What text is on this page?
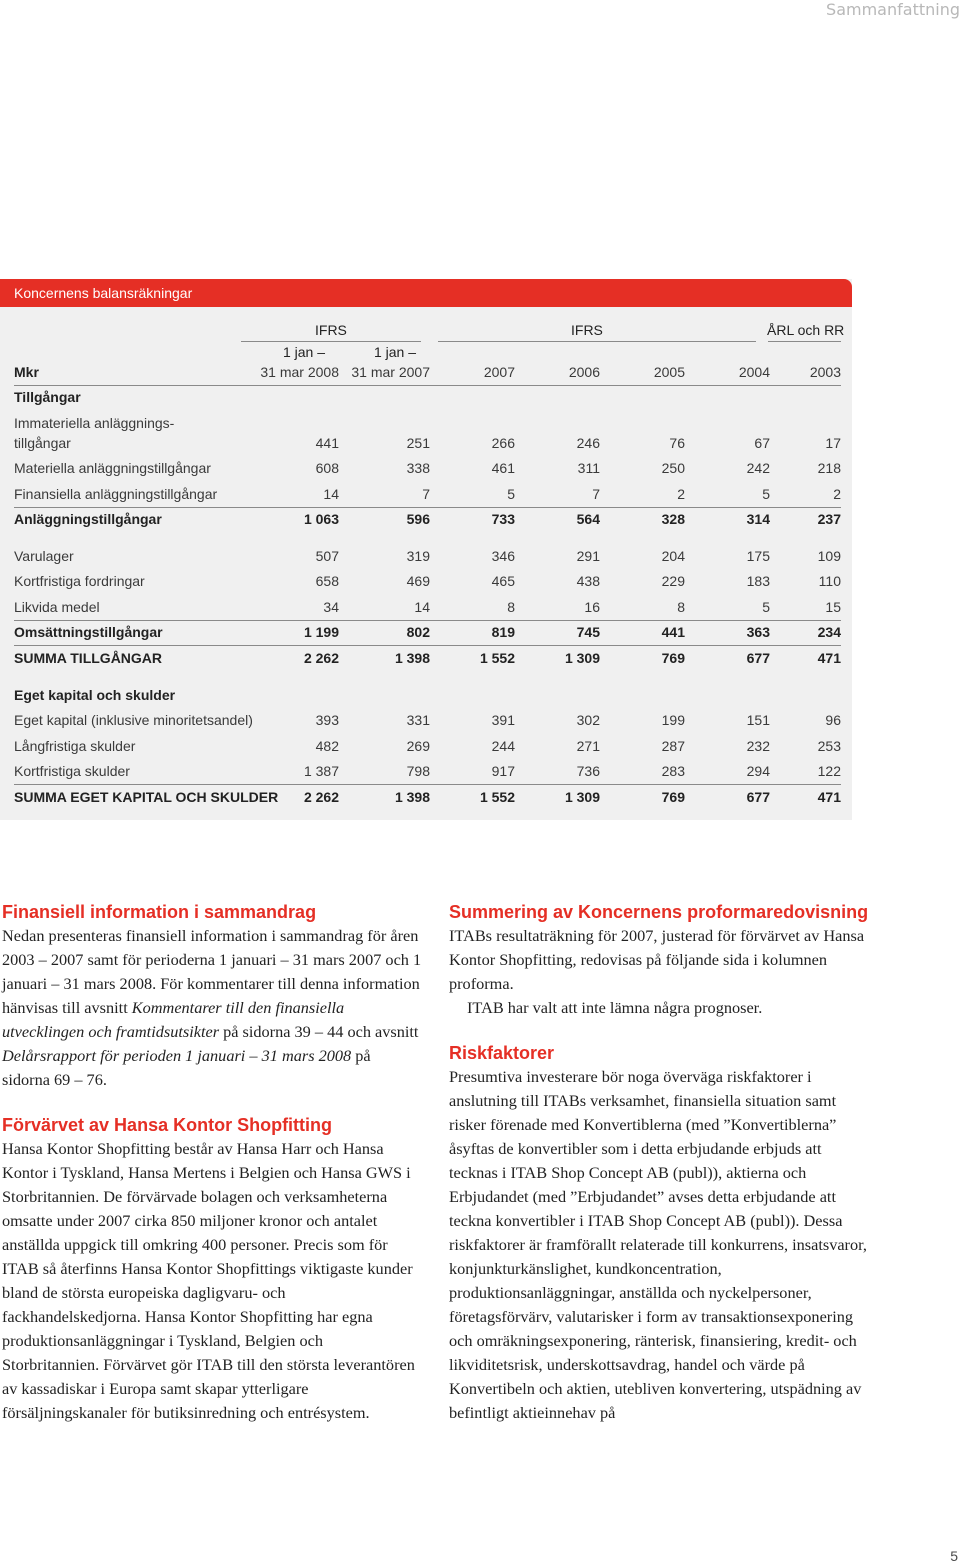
Sammanfattning
Koncernens balansräkningar
IFRS	IFRS	ÅRL och RR
1 jan –	1 jan –
Mkr	31 mar 2008 31 mar 2007	2007	2006	2005	2004	2003
Tillgångar
Immateriella anläggnings-
tillgångar	441	251	266	246	76	67	17
Materiella anläggningstillgångar	608	338	461	311	250	242	218
Finansiella anläggningstillgångar	14	7	5	7	2	5	2
Anläggningstillgångar	1 063	596	733	564	328	314	237
Varulager	507	319	346	291	204	175	109
Kortfristiga fordringar	658	469	465	438	229	183	110
Likvida medel	34	14	8	16	8	5	15
Omsättningstillgångar	1 199	802	819	745	441	363	234
SUMMA TILLGÅNGAR	2 262	1 398	1 552	1 309	769	677	471
Eget kapital och skulder
Eget kapital (inklusive minoritetsandel)	393	331	391	302	199	151	96
Långfristiga skulder	482	269	244	271	287	232	253
Kortfristiga skulder	1 387	798	917	736	283	294	122
SUMMA EGET KAPITAL OCH SKULDER 2 262	1 398	1 552	1 309	769	677	471
Finansiell information i sammandrag

Nedan presenteras finansiell information i sammandrag för åren 2003 – 2007 samt för perioderna 1 januari – 31 mars 2007 och 1 januari – 31 mars 2008. För kommentarer till denna information hänvisas till avsnitt Kommentarer till den finansiella utvecklingen och framtidsutsikter på sidorna 39 – 44 och avsnitt Delårsrapport för perioden 1 januari – 31 mars 2008 på sidorna 69 – 76.

Förvärvet av Hansa Kontor Shopfitting

Hansa Kontor Shopfitting består av Hansa Harr och Hansa Kontor i Tyskland, Hansa Mertens i Belgien och Hansa GWS i Storbritannien. De förvärvade bolagen och verksamheterna omsatte under 2007 cirka 850 miljoner kronor och antalet anställda uppgick till omkring 400 personer. Precis som för ITAB så återfinns Hansa Kontor Shopfittings viktigaste kunder bland de största europeiska dagligvaru- och fackhandelskedjorna. Hansa Kontor Shopfitting har egna produktionsanläggningar i Tyskland, Belgien och Storbritannien. Förvärvet gör ITAB till den största leverantören av kassadiskar i Europa samt skapar ytterligare försäljningskanaler för butiksinredning och entrésystem.

Summering av Koncernens proformaredovisning

ITABs resultaträkning för 2007, justerad för förvärvet av Hansa Kontor Shopfitting, redovisas på följande sida i kolumnen proforma.

ITAB har valt att inte lämna några prognoser.

Riskfaktorer

Presumtiva investerare bör noga överväga riskfaktorer i anslutning till ITABs verksamhet, finansiella situation samt risker förenade med Konvertiblerna (med ”Konvertiblerna” åsyftas de konvertibler som i detta erbjudande erbjuds att tecknas i ITAB Shop Concept AB (publ)), aktierna och Erbjudandet (med ”Erbjudandet” avses detta erbjudande att teckna konvertibler i ITAB Shop Concept AB (publ)). Dessa riskfaktorer är framförallt relaterade till konkurrens, insatsvaror, konjunkturkänslighet, kundkoncentration, produktionsanläggningar, anställda och nyckelpersoner, företagsförvärv, valutarisker i form av transaktionsexponering och omräkningsexponering, ränterisk, finansiering, kredit- och likviditetsrisk, underskottsavdrag, handel och värde på Konvertibeln och aktien, utebliven konvertering, utspädning av befintligt aktieinnehav på

5
